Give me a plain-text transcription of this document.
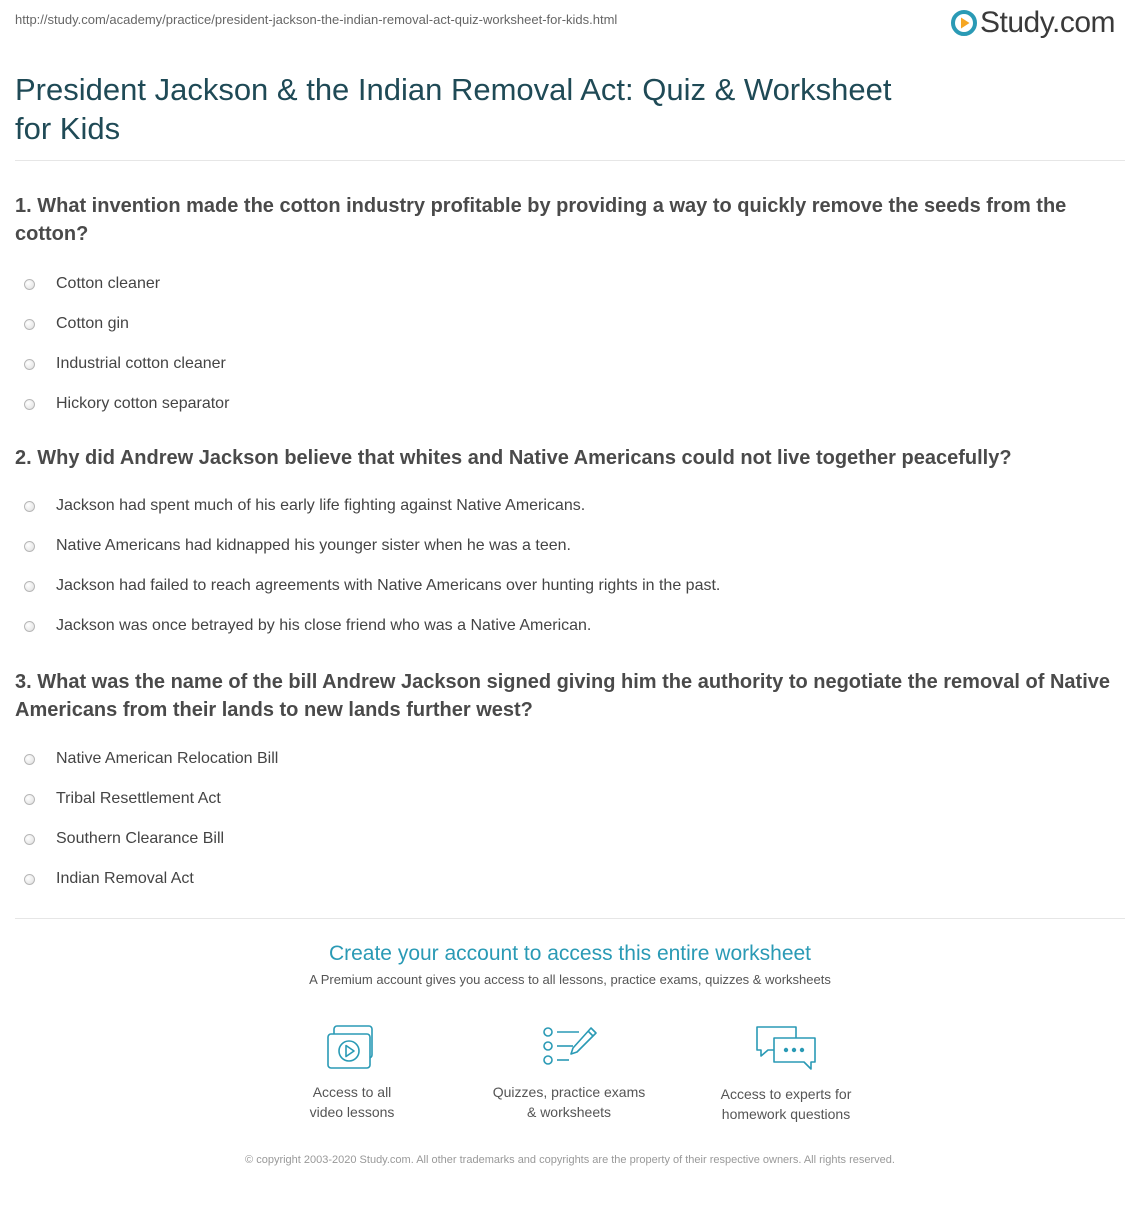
http://study.com/academy/practice/president-jackson-the-indian-removal-act-quiz-worksheet-for-kids.html	Study.com
President Jackson & the Indian Removal Act: Quiz & Worksheet for Kids
1. What invention made the cotton industry profitable by providing a way to quickly remove the seeds from the cotton?
Cotton cleaner
Cotton gin
Industrial cotton cleaner
Hickory cotton separator
2. Why did Andrew Jackson believe that whites and Native Americans could not live together peacefully?
Jackson had spent much of his early life fighting against Native Americans.
Native Americans had kidnapped his younger sister when he was a teen.
Jackson had failed to reach agreements with Native Americans over hunting rights in the past.
Jackson was once betrayed by his close friend who was a Native American.
3. What was the name of the bill Andrew Jackson signed giving him the authority to negotiate the removal of Native Americans from their lands to new lands further west?
Native American Relocation Bill
Tribal Resettlement Act
Southern Clearance Bill
Indian Removal Act
Create your account to access this entire worksheet
A Premium account gives you access to all lessons, practice exams, quizzes & worksheets
Access to all
video lessons
Quizzes, practice exams
& worksheets
Access to experts for
homework questions
© copyright 2003-2020 Study.com. All other trademarks and copyrights are the property of their respective owners. All rights reserved.
